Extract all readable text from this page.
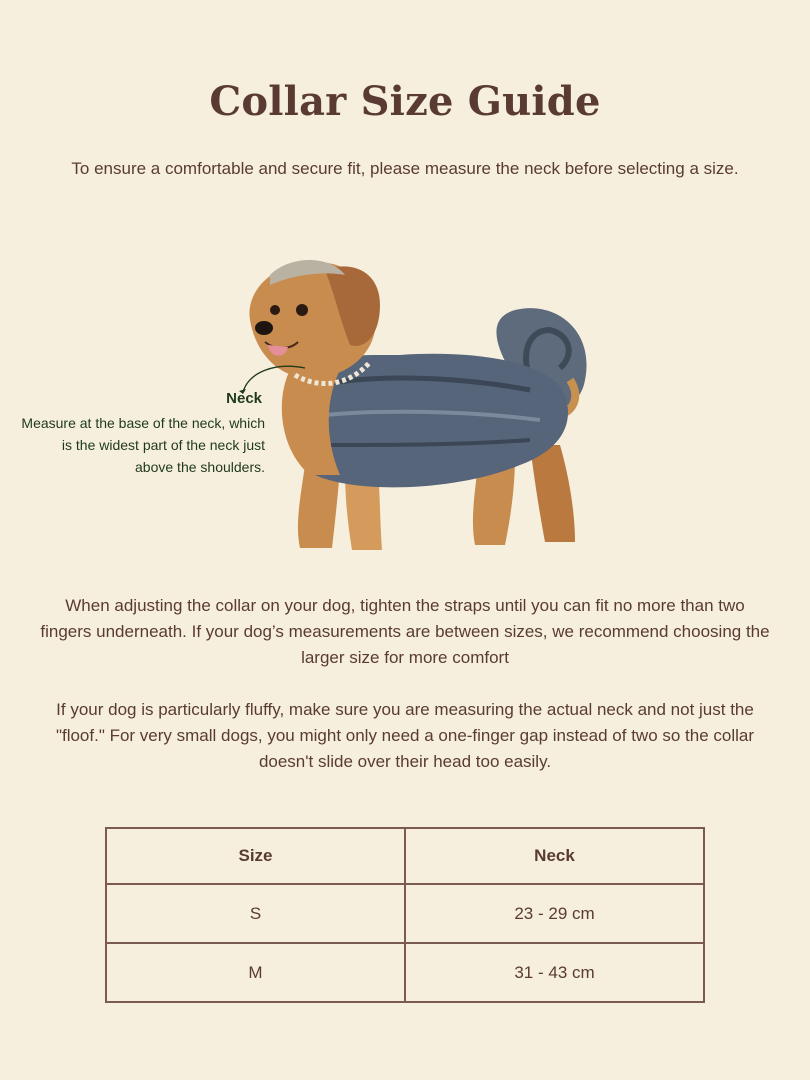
Collar Size Guide

To ensure a comfortable and secure fit, please measure the neck before selecting a size.

Neck

Measure at the base of the neck, which is the widest part of the neck just above the shoulders.

When adjusting the collar on your dog, tighten the straps until you can fit no more than two fingers underneath. If your dog’s measurements are between sizes, we recommend choosing the larger size for more comfort

If your dog is particularly fluffy, make sure you are measuring the actual neck and not just the "floof." For very small dogs, you might only need a one-finger gap instead of two so the collar doesn't slide over their head too easily.

Size	Neck
S	23 - 29 cm
M	31 - 43 cm
